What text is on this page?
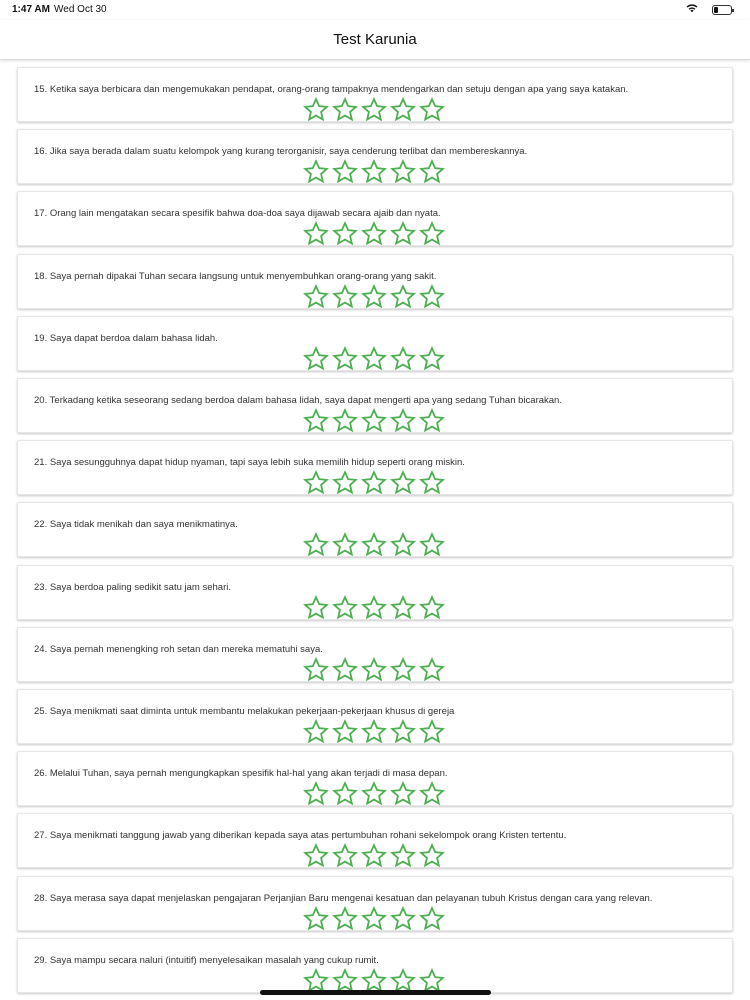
1:47 AM Wed Oct 30
Test Karunia
15. Ketika saya berbicara dan mengemukakan pendapat, orang-orang tampaknya mendengarkan dan setuju dengan apa yang saya katakan.
16. Jika saya berada dalam suatu kelompok yang kurang terorganisir, saya cenderung terlibat dan membereskannya.
17. Orang lain mengatakan secara spesifik bahwa doa-doa saya dijawab secara ajaib dan nyata.
18. Saya pernah dipakai Tuhan secara langsung untuk menyembuhkan orang-orang yang sakit.
19. Saya dapat berdoa dalam bahasa lidah.
20. Terkadang ketika seseorang sedang berdoa dalam bahasa lidah, saya dapat mengerti apa yang sedang Tuhan bicarakan.
21. Saya sesungguhnya dapat hidup nyaman, tapi saya lebih suka memilih hidup seperti orang miskin.
22. Saya tidak menikah dan saya menikmatinya.
23. Saya berdoa paling sedikit satu jam sehari.
24. Saya pernah menengking roh setan dan mereka mematuhi saya.
25. Saya menikmati saat diminta untuk membantu melakukan pekerjaan-pekerjaan khusus di gereja
26. Melalui Tuhan, saya pernah mengungkapkan spesifik hal-hal yang akan terjadi di masa depan.
27. Saya menikmati tanggung jawab yang diberikan kepada saya atas pertumbuhan rohani sekelompok orang Kristen tertentu.
28. Saya merasa saya dapat menjelaskan pengajaran Perjanjian Baru mengenai kesatuan dan pelayanan tubuh Kristus dengan cara yang relevan.
29. Saya mampu secara naluri (intuitif) menyelesaikan masalah yang cukup rumit.
